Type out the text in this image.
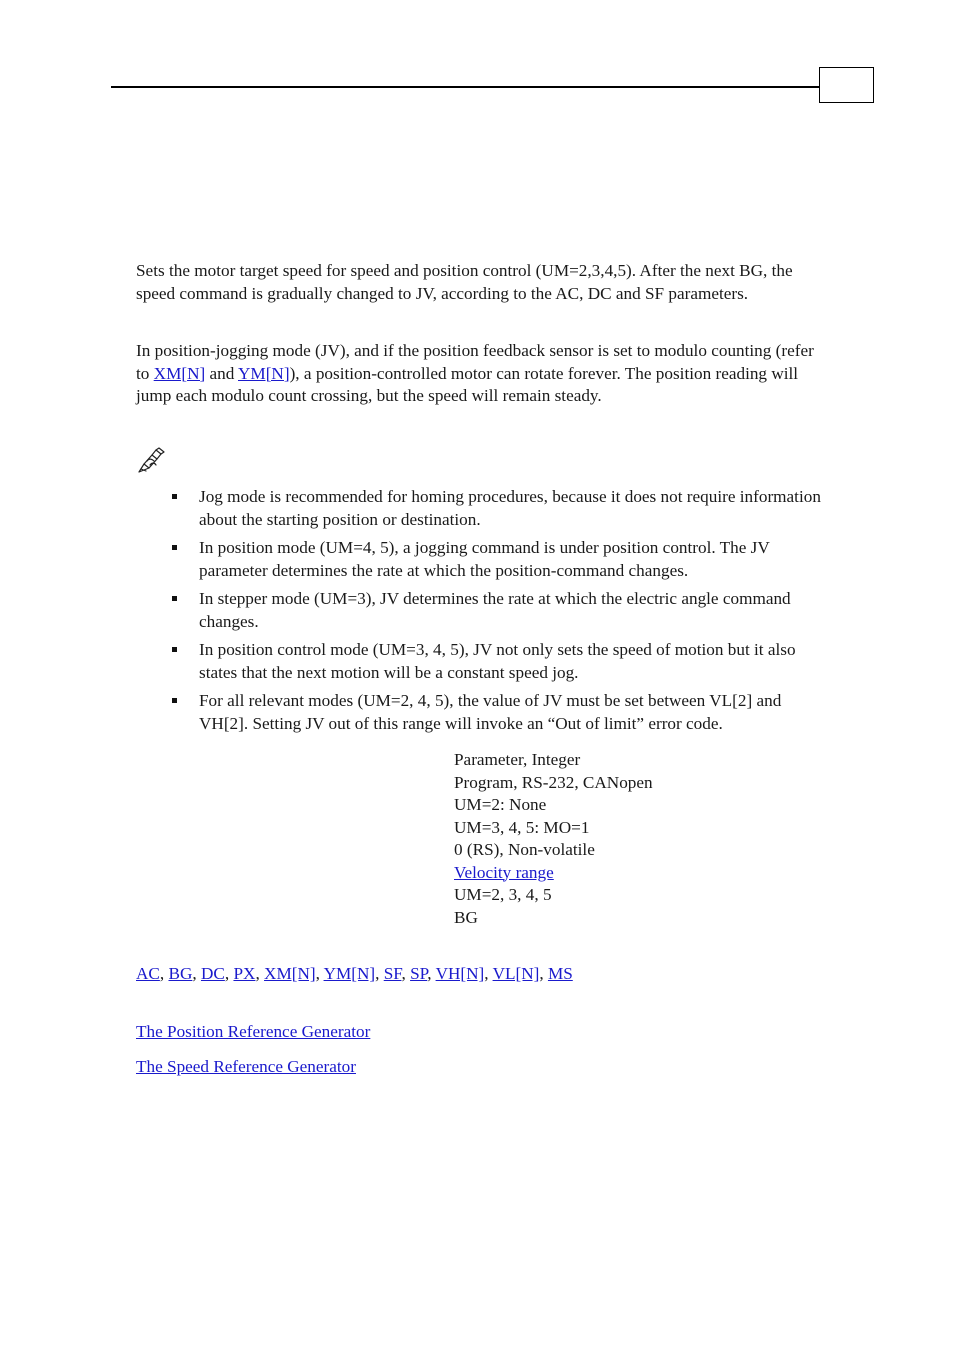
Sets the motor target speed for speed and position control (UM=2,3,4,5). After the next BG, the speed command is gradually changed to JV, according to the AC, DC and SF parameters.

In position-jogging mode (JV), and if the position feedback sensor is set to modulo counting (refer to XM[N] and YM[N]), a position-controlled motor can rotate forever. The position reading will jump each modulo count crossing, but the speed will remain steady.

Jog mode is recommended for homing procedures, because it does not require information about the starting position or destination.
In position mode (UM=4, 5), a jogging command is under position control. The JV parameter determines the rate at which the position-command changes.
In stepper mode (UM=3), JV determines the rate at which the electric angle command changes.
In position control mode (UM=3, 4, 5), JV not only sets the speed of motion but it also states that the next motion will be a constant speed jog.
For all relevant modes (UM=2, 4, 5), the value of JV must be set between VL[2] and VH[2]. Setting JV out of this range will invoke an “Out of limit” error code.
Parameter, Integer
Program, RS-232, CANopen
UM=2: None
UM=3, 4, 5: MO=1
0 (RS), Non-volatile
Velocity range
UM=2, 3, 4, 5
BG
AC, BG, DC, PX, XM[N], YM[N], SF, SP, VH[N], VL[N], MS
The Position Reference Generator
The Speed Reference Generator
